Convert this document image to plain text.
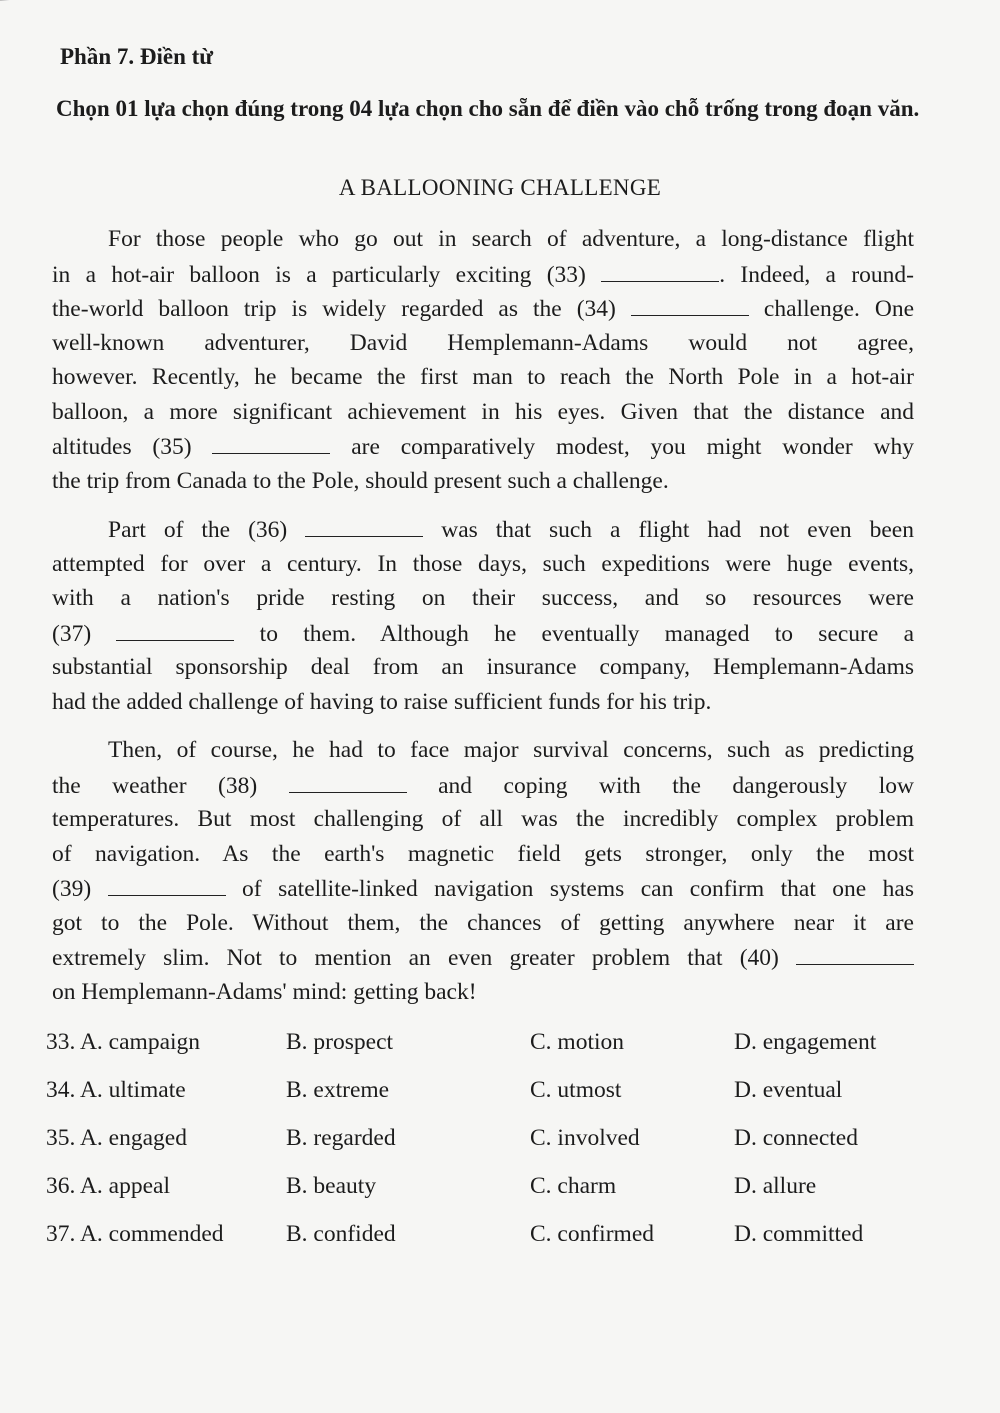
Phần 7. Điền từ
Chọn 01 lựa chọn đúng trong 04 lựa chọn cho sẵn để điền vào chỗ trống trong đoạn văn.
A BALLOONING CHALLENGE
For those people who go out in search of adventure, a long-distance flight
in a hot-air balloon is a particularly exciting (33)	. Indeed, a round-
the-world balloon trip is widely regarded as the (34)	challenge. One
well-known adventurer, David Hemplemann-Adams would not agree,
however. Recently, he became the first man to reach the North Pole in a hot-air
balloon, a more significant achievement in his eyes. Given that the distance and
altitudes (35)	are comparatively modest, you might wonder why
the trip from Canada to the Pole, should present such a challenge.
Part of the (36)	was that such a flight had not even been
attempted for over a century. In those days, such expeditions were huge events,
with a nation's pride resting on their success, and so resources were
(37)	to them. Although he eventually managed to secure a
substantial sponsorship deal from an insurance company, Hemplemann-Adams
had the added challenge of having to raise sufficient funds for his trip.
Then, of course, he had to face major survival concerns, such as predicting
the weather (38)	and coping with the dangerously low
temperatures. But most challenging of all was the incredibly complex problem
of navigation. As the earth's magnetic field gets stronger, only the most
(39)	of satellite-linked navigation systems can confirm that one has
got to the Pole. Without them, the chances of getting anywhere near it are
extremely slim. Not to mention an even greater problem that (40)
on Hemplemann-Adams' mind: getting back!
33. A. campaign	B. prospect	C. motion	D. engagement
34. A. ultimate	B. extreme	C. utmost	D. eventual
35. A. engaged	B. regarded	C. involved	D. connected
36. A. appeal	B. beauty	C. charm	D. allure
37. A. commended	B. confided	C. confirmed	D. committed
